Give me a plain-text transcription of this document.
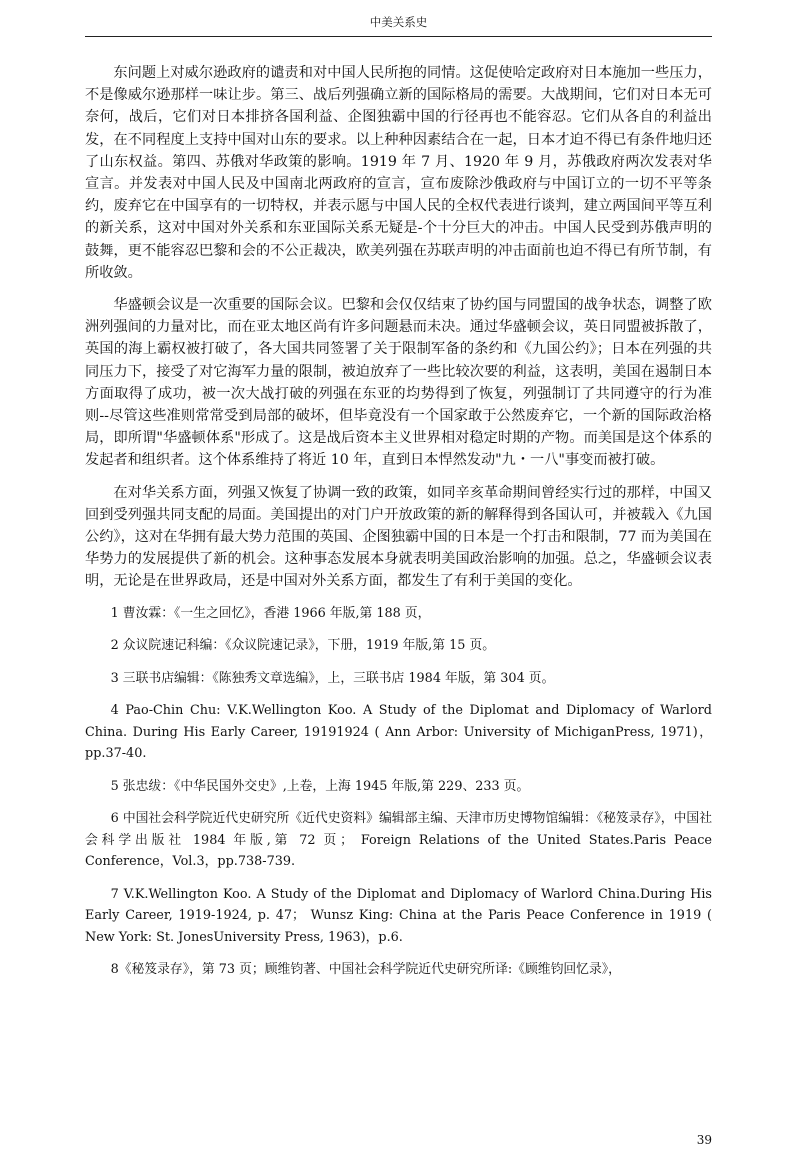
中美关系史

东问题上对威尔逊政府的谴责和对中国人民所抱的同情。这促使哈定政府对日本施加一些压力，不是像威尔逊那样一味让步。第三、战后列强确立新的国际格局的需要。大战期间，它们对日本无可奈何，战后，它们对日本排挤各国利益、企图独霸中国的行径再也不能容忍。它们从各自的利益出发，在不同程度上支持中国对山东的要求。以上种种因素结合在一起，日本才迫不得已有条件地归还了山东权益。第四、苏俄对华政策的影响。1919 年 7 月、1920 年 9 月，苏俄政府两次发表对华宣言。并发表对中国人民及中国南北两政府的宣言，宣布废除沙俄政府与中国订立的一切不平等条约，废弃它在中国享有的一切特权，并表示愿与中国人民的全权代表进行谈判，建立两国间平等互利的新关系，这对中国对外关系和东亚国际关系无疑是-个十分巨大的冲击。中国人民受到苏俄声明的鼓舞，更不能容忍巴黎和会的不公正裁决，欧美列强在苏联声明的冲击面前也迫不得已有所节制，有所收敛。

华盛顿会议是一次重要的国际会议。巴黎和会仅仅结束了协约国与同盟国的战争状态，调整了欧洲列强间的力量对比，而在亚太地区尚有许多问题悬而未决。通过华盛顿会议，英日同盟被拆散了，英国的海上霸权被打破了，各大国共同签署了关于限制军备的条约和《九国公约》；日本在列强的共同压力下，接受了对它海军力量的限制，被迫放弃了一些比较次要的利益，这表明，美国在遏制日本方面取得了成功，被一次大战打破的列强在东亚的均势得到了恢复，列强制订了共同遵守的行为准则--尽管这些准则常常受到局部的破坏，但毕竟没有一个国家敢于公然废弃它，一个新的国际政治格局，即所谓"华盛顿体系"形成了。这是战后资本主义世界相对稳定时期的产物。而美国是这个体系的发起者和组织者。这个体系维持了将近 10 年，直到日本悍然发动"九・一八"事变而被打破。

在对华关系方面，列强又恢复了协调一致的政策，如同辛亥革命期间曾经实行过的那样，中国又回到受列强共同支配的局面。美国提出的对门户开放政策的新的解释得到各国认可，并被载入《九国公约》，这对在华拥有最大势力范围的英国、企图独霸中国的日本是一个打击和限制，77 而为美国在华势力的发展提供了新的机会。这种事态发展本身就表明美国政治影响的加强。总之，华盛顿会议表明，无论是在世界政局，还是中国对外关系方面，都发生了有利于美国的变化。

1 曹汝霖：《一生之回忆》，香港 1966 年版,第 188 页，

2 众议院速记科编：《众议院速记录》，下册，1919 年版,第 15 页。

3 三联书店编辑：《陈独秀文章选编》，上，三联书店 1984 年版，第 304 页。

4 Pao-Chin Chu: V.K.Wellington Koo. A Study of the Diplomat and Diplomacy of Warlord China. During His Early Career, 19191924 ( Ann Arbor: University of MichiganPress, 1971)，pp.37-40.

5 张忠绂：《中华民国外交史》,上卷，上海 1945 年版,第 229、233 页。

6 中国社会科学院近代史研究所《近代史资料》编辑部主编、天津市历史博物馆编辑：《秘笈录存》，中国社会科学出版社 1984 年版,第 72 页； Foreign Relations of the United States.Paris Peace Conference，Vol.3，pp.738-739.

7 V.K.Wellington Koo. A Study of the Diplomat and Diplomacy of Warlord China.During His Early Career, 1919-1924, p. 47； Wunsz King: China at the Paris Peace Conference in 1919 ( New York: St. JonesUniversity Press, 1963)，p.6.

8《秘笈录存》，第 73 页；顾维钧著、中国社会科学院近代史研究所译:《顾维钧回忆录》，

39
